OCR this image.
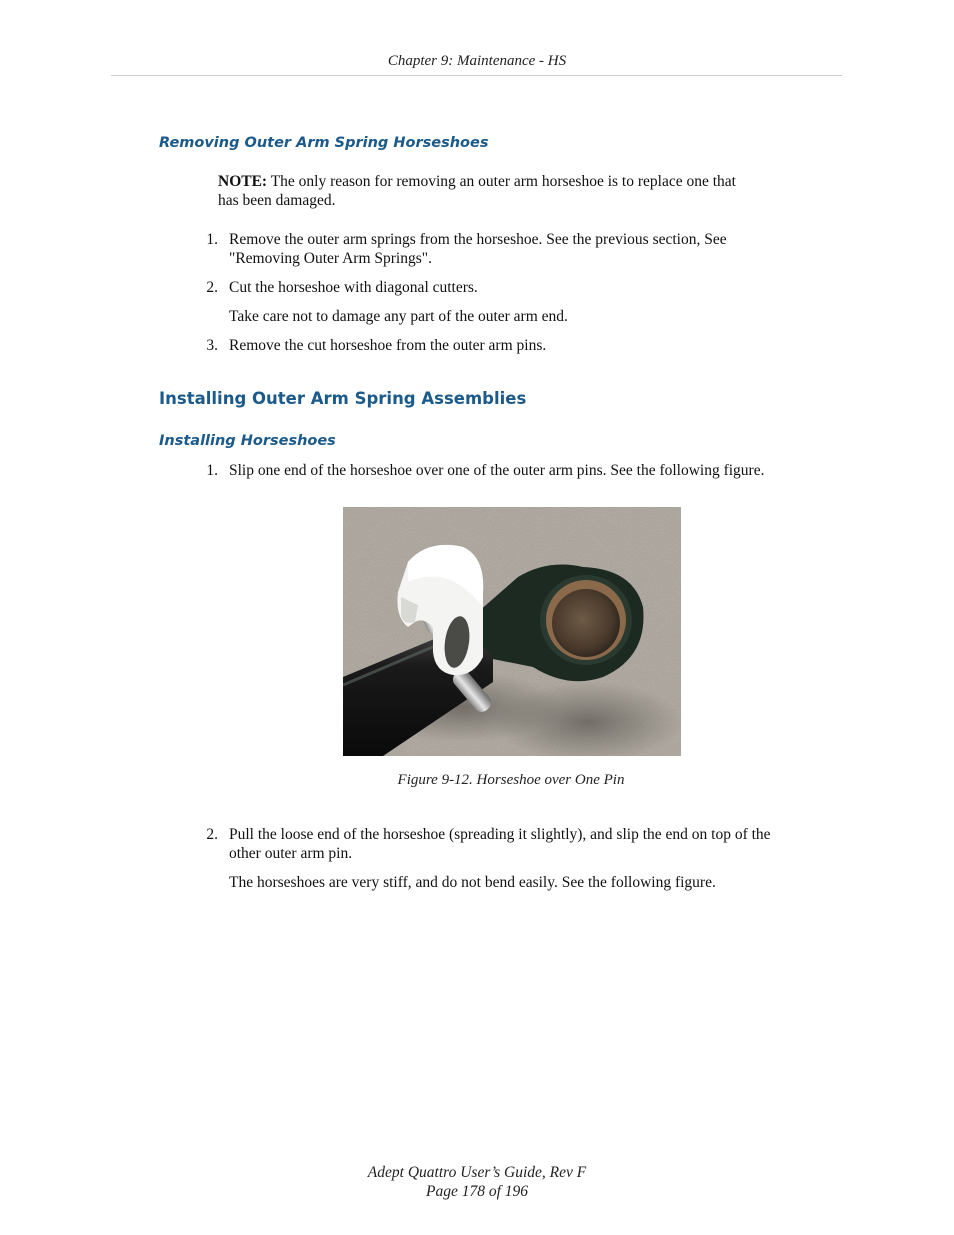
Chapter 9: Maintenance - HS
Removing Outer Arm Spring Horseshoes
NOTE: The only reason for removing an outer arm horseshoe is to replace one that
has been damaged.
1. Remove the outer arm springs from the horseshoe. See the previous section, See
"Removing Outer Arm Springs".
2. Cut the horseshoe with diagonal cutters.
Take care not to damage any part of the outer arm end.
3. Remove the cut horseshoe from the outer arm pins.
Installing Outer Arm Spring Assemblies
Installing Horseshoes
1. Slip one end of the horseshoe over one of the outer arm pins. See the following figure.
Figure 9-12. Horseshoe over One Pin
2. Pull the loose end of the horseshoe (spreading it slightly), and slip the end on top of the
other outer arm pin.
The horseshoes are very stiff, and do not bend easily. See the following figure.
Adept Quattro User’s Guide, Rev F
Page 178 of 196
